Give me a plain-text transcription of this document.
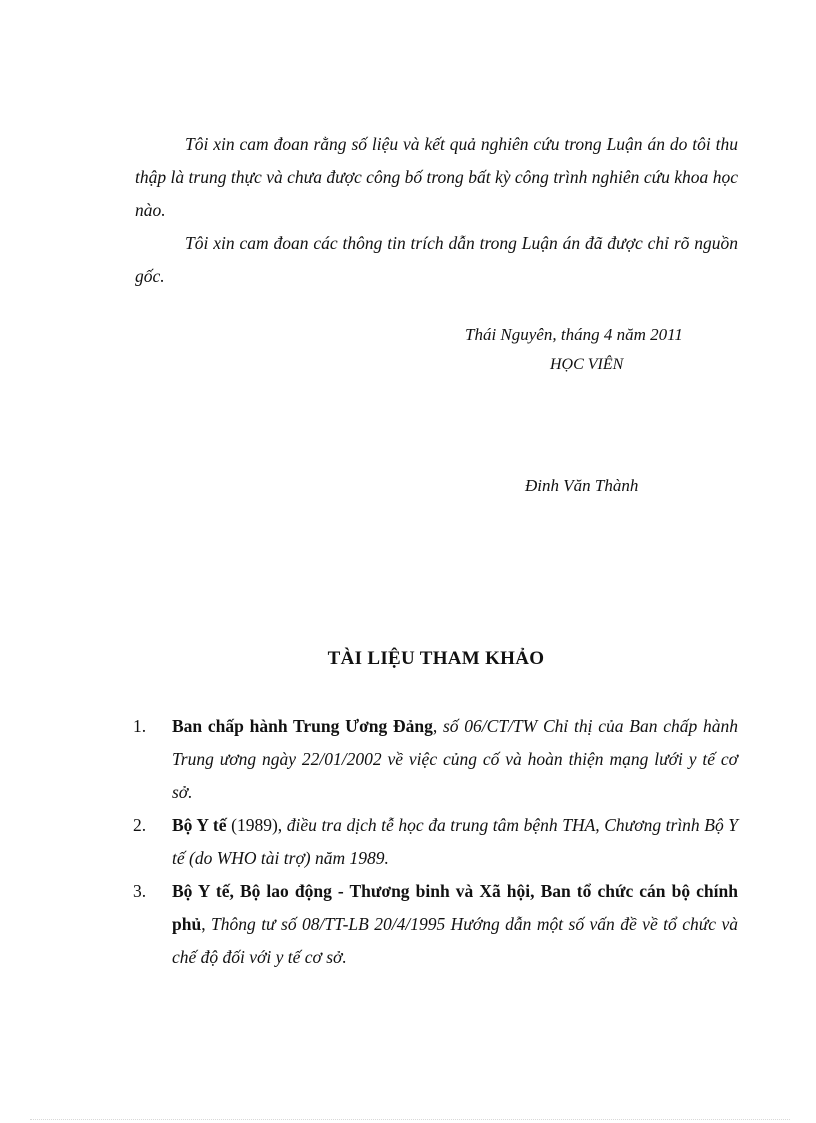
Tôi xin cam đoan rằng số liệu và kết quả nghiên cứu trong Luận án do tôi thu thập là trung thực và chưa được công bố trong bất kỳ công trình nghiên cứu khoa học nào.

Tôi xin cam đoan các thông tin trích dẫn trong Luận án đã được chỉ rõ nguồn gốc.

Thái Nguyên, tháng 4 năm 2011
HỌC VIÊN
Đinh Văn Thành
TÀI LIỆU THAM KHẢO
1.	Ban chấp hành Trung Ương Đảng, số 06/CT/TW Chỉ thị của Ban chấp hành Trung ương ngày 22/01/2002 về việc củng cố và hoàn thiện mạng lưới y tế cơ sở.
2.	Bộ Y tế (1989), điều tra dịch tễ học đa trung tâm bệnh THA, Chương trình Bộ Y tế (do WHO tài trợ) năm 1989.
3.	Bộ Y tế, Bộ lao động - Thương binh và Xã hội, Ban tổ chức cán bộ chính phủ, Thông tư số 08/TT-LB 20/4/1995 Hướng dẫn một số vấn đề về tổ chức và chế độ đối với y tế cơ sở.
